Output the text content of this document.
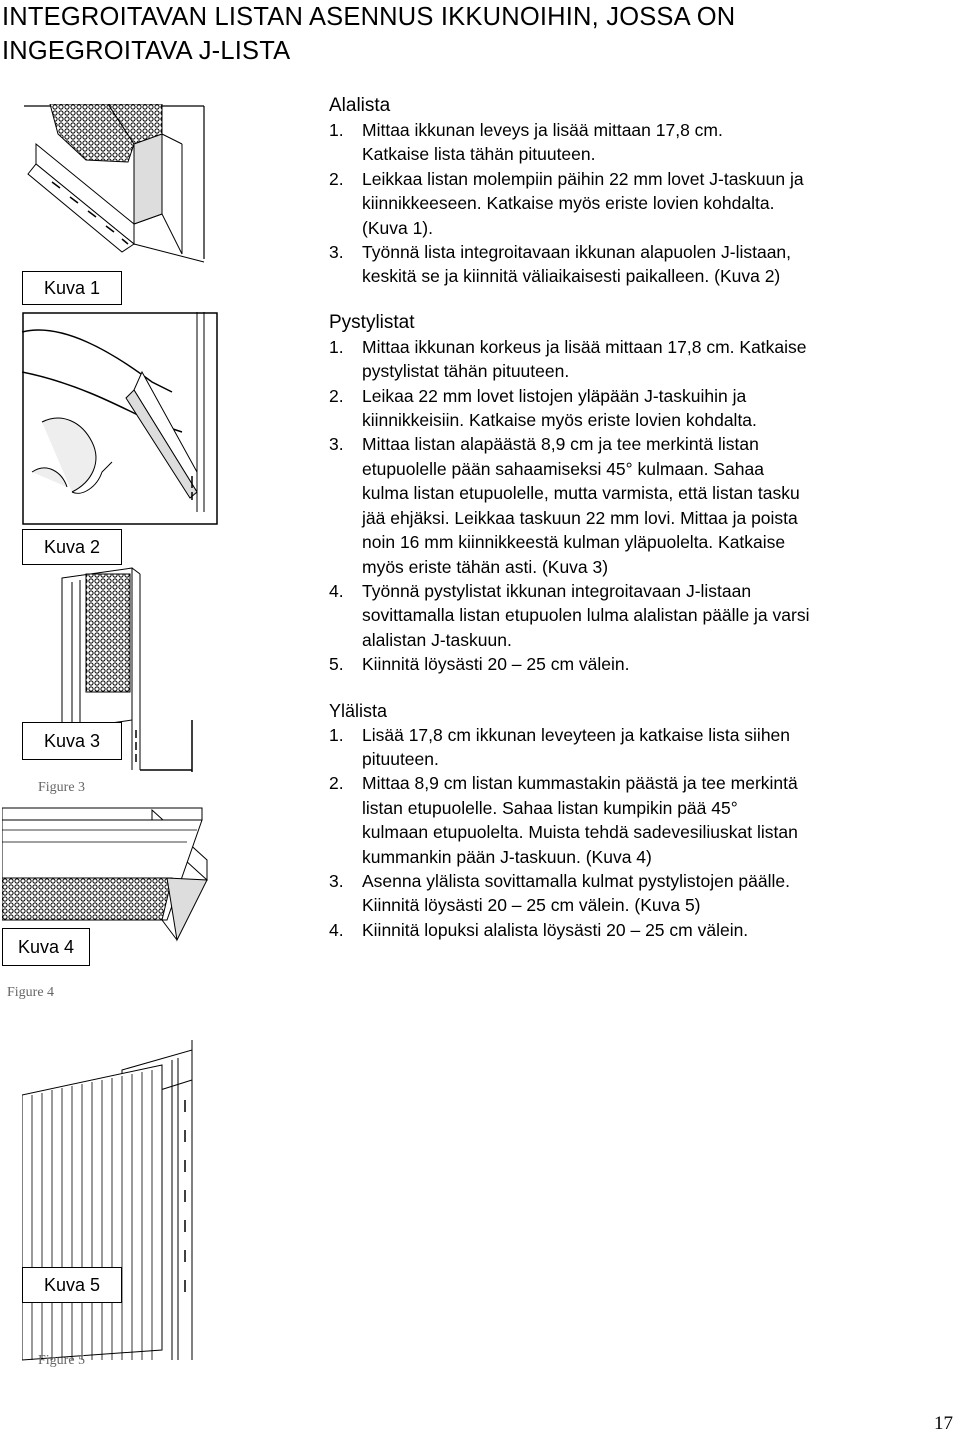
INTEGROITAVAN LISTAN ASENNUS IKKUNOIHIN, JOSSA ON
INGEGROITAVA J-LISTA
Kuva 1
Kuva 2
Kuva 3
Figure 3
Kuva 4
Figure 4
Kuva 5
Figure 5
Alalista
1. Mittaa ikkunan leveys ja lisää mittaan 17,8 cm.
Katkaise lista tähän pituuteen.
2. Leikkaa listan molempiin päihin 22 mm lovet J-taskuun ja
kiinnikkeeseen. Katkaise myös eriste lovien kohdalta.
(Kuva 1).
3. Työnnä lista integroitavaan ikkunan alapuolen J-listaan,
keskitä se ja kiinnitä väliaikaisesti paikalleen. (Kuva 2)
Pystylistat
1. Mittaa ikkunan korkeus ja lisää mittaan 17,8 cm. Katkaise
pystylistat tähän pituuteen.
2. Leikaa 22 mm lovet listojen yläpään J-taskuihin ja
kiinnikkeisiin. Katkaise myös eriste lovien kohdalta.
3. Mittaa listan alapäästä 8,9 cm ja tee merkintä listan
etupuolelle pään sahaamiseksi 45° kulmaan. Sahaa
kulma listan etupuolelle, mutta varmista, että listan tasku
jää ehjäksi. Leikkaa taskuun 22 mm lovi. Mittaa ja poista
noin 16 mm kiinnikkeestä kulman yläpuolelta. Katkaise
myös eriste tähän asti. (Kuva 3)
4. Työnnä pystylistat ikkunan integroitavaan J-listaan
sovittamalla listan etupuolen lulma alalistan päälle ja varsi
alalistan J-taskuun.
5. Kiinnitä löysästi 20 – 25 cm välein.
Ylälista
1. Lisää 17,8 cm ikkunan leveyteen ja katkaise lista siihen
pituuteen.
2. Mittaa 8,9 cm listan kummastakin päästä ja tee merkintä
listan etupuolelle. Sahaa listan kumpikin pää 45°
kulmaan etupuolelta. Muista tehdä sadevesiliuskat listan
kummankin pään J-taskuun. (Kuva 4)
3. Asenna ylälista sovittamalla kulmat pystylistojen päälle.
Kiinnitä löysästi 20 – 25 cm välein. (Kuva 5)
4. Kiinnitä lopuksi alalista löysästi 20 – 25 cm välein.
17
